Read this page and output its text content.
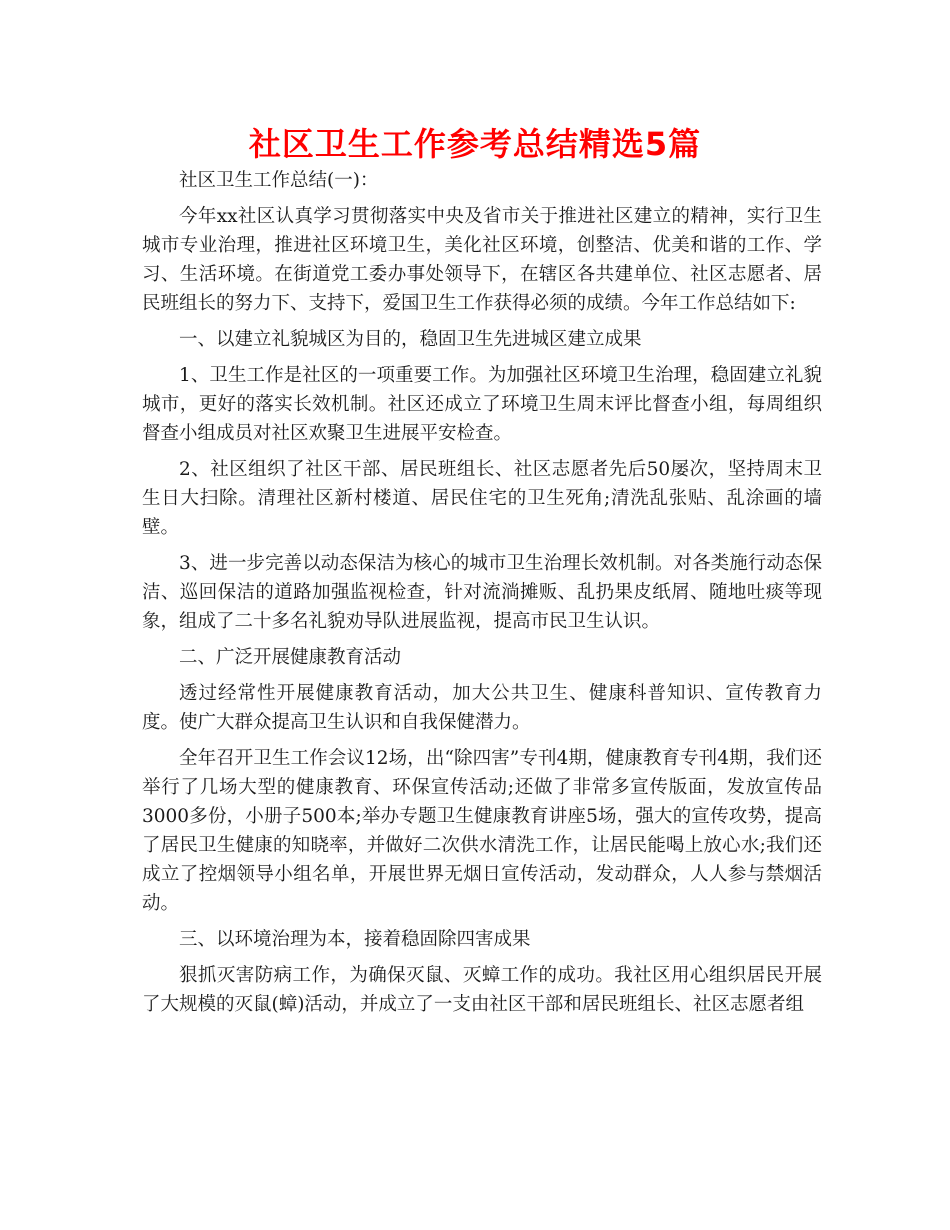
社区卫生工作参考总结精选5篇

社区卫生工作总结(一)：

今年xx社区认真学习贯彻落实中央及省市关于推进社区建立的精神，实行卫生城市专业治理，推进社区环境卫生，美化社区环境，创整洁、优美和谐的工作、学习、生活环境。在街道党工委办事处领导下，在辖区各共建单位、社区志愿者、居民班组长的努力下、支持下，爱国卫生工作获得必须的成绩。今年工作总结如下:

一、以建立礼貌城区为目的，稳固卫生先进城区建立成果

1、卫生工作是社区的一项重要工作。为加强社区环境卫生治理，稳固建立礼貌城市，更好的落实长效机制。社区还成立了环境卫生周末评比督查小组，每周组织督查小组成员对社区欢聚卫生进展平安检查。

2、社区组织了社区干部、居民班组长、社区志愿者先后50屡次，坚持周末卫生日大扫除。清理社区新村楼道、居民住宅的卫生死角;清洗乱张贴、乱涂画的墙壁。

3、进一步完善以动态保洁为核心的城市卫生治理长效机制。对各类施行动态保洁、巡回保洁的道路加强监视检查，针对流淌摊贩、乱扔果皮纸屑、随地吐痰等现象，组成了二十多名礼貌劝导队进展监视，提高市民卫生认识。

二、广泛开展健康教育活动

透过经常性开展健康教育活动，加大公共卫生、健康科普知识、宣传教育力度。使广大群众提高卫生认识和自我保健潜力。

全年召开卫生工作会议12场，出“除四害”专刊4期，健康教育专刊4期，我们还举行了几场大型的健康教育、环保宣传活动;还做了非常多宣传版面，发放宣传品3000多份，小册子500本;举办专题卫生健康教育讲座5场，强大的宣传攻势，提高了居民卫生健康的知晓率，并做好二次供水清洗工作，让居民能喝上放心水;我们还成立了控烟领导小组名单，开展世界无烟日宣传活动，发动群众，人人参与禁烟活动。

三、以环境治理为本，接着稳固除四害成果

狠抓灭害防病工作，为确保灭鼠、灭蟑工作的成功。我社区用心组织居民开展了大规模的灭鼠(蟑)活动，并成立了一支由社区干部和居民班组长、社区志愿者组
